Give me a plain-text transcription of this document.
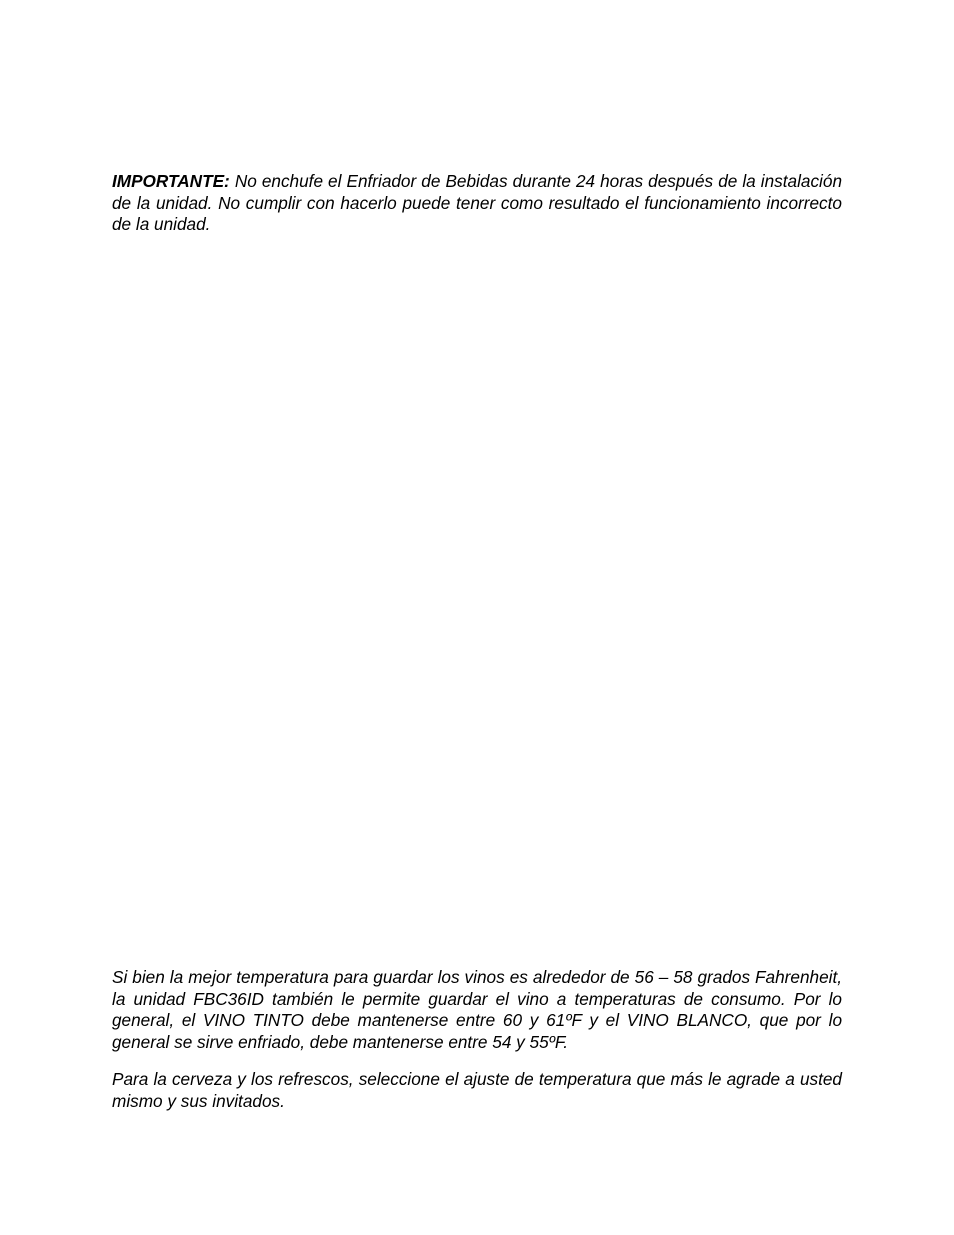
IMPORTANTE: No enchufe el Enfriador de Bebidas durante 24 horas después de la instalación de la unidad. No cumplir con hacerlo puede tener como resultado el funcionamiento incorrecto de la unidad.

Si bien la mejor temperatura para guardar los vinos es alrededor de 56 – 58 grados Fahrenheit, la unidad FBC36ID también le permite guardar el vino a temperaturas de consumo. Por lo general, el VINO TINTO debe mantenerse entre 60 y 61ºF y el VINO BLANCO, que por lo general se sirve enfriado, debe mantenerse entre 54 y 55ºF.

Para la cerveza y los refrescos, seleccione el ajuste de temperatura que más le agrade a usted mismo y sus invitados.
